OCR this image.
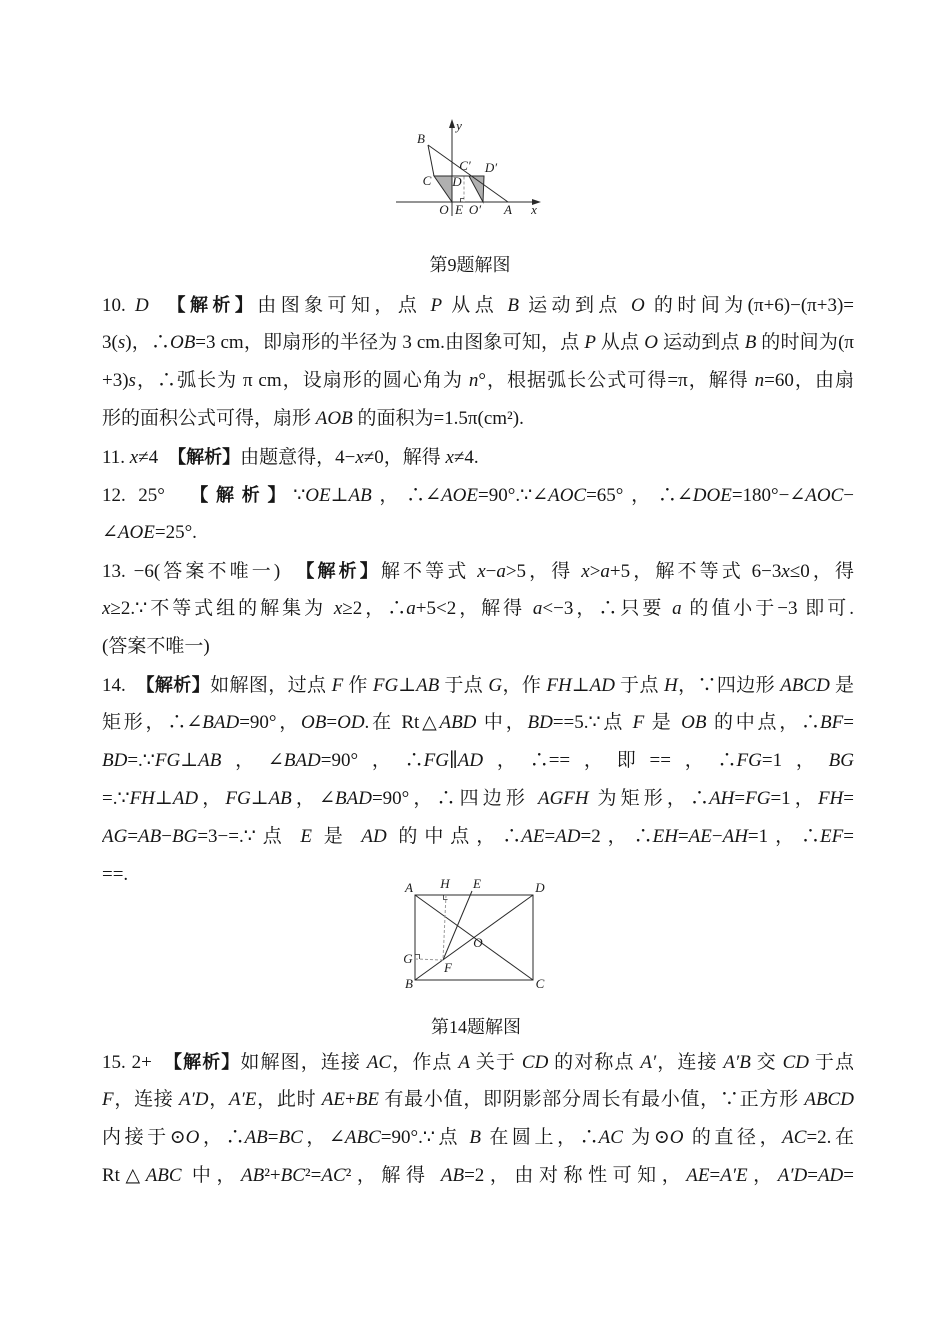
y
x
B
C D
C′ D′
O E O′ A
第9题解图
10. D　 【解析】由图象可知，点 P 从点 B 运动到点 O 的时间为(π+6)−(π+3)=
3(s)，∴OB=3 cm，即扇形的半径为 3 cm.由图象可知，点 P 从点 O 运动到点 B 的时间为(π
+3)s，∴弧长为 π cm，设扇形的圆心角为 n°，根据弧长公式可得=π，解得 n=60，由扇
形的面积公式可得，扇形 AOB 的面积为=1.5π(cm²).
11. x≠4　【解析】由题意得，4−x≠0，解得 x≠4.
12. 25°　【解析】∵OE⊥AB，∴∠AOE=90°.∵∠AOC=65°，∴∠DOE=180°−∠AOC−
∠AOE=25°.
13. −6(答案不唯一)　【解析】解不等式 x−a>5，得 x>a+5，解不等式 6−3x≤0，得
x≥2.∵不等式组的解集为 x≥2，∴a+5<2，解得 a<−3，∴只要 a 的值小于−3 即可.
(答案不唯一)
14.　【解析】如解图，过点 F 作 FG⊥AB 于点 G，作 FH⊥AD 于点 H，∵四边形 ABCD 是
矩形，∴∠BAD=90°，OB=OD.在 Rt△ABD 中，BD==5.∵点 F 是 OB 的中点，∴BF=
BD=.∵FG⊥AB，∠BAD=90°，∴FG∥AD，∴==，即==，∴FG=1，BG
=.∵FH⊥AD，FG⊥AB，∠BAD=90°，∴四边形 AGFH 为矩形，∴AH=FG=1，FH=
AG=AB−BG=3−=.∵点 E 是 AD 的中点，∴AE=AD=2，∴EH=AE−AH=1，∴EF=
==.
A H E	D
G
F
O
B	C
第14题解图
15. 2+　【解析】如解图，连接 AC，作点 A 关于 CD 的对称点 A′，连接 A′B 交 CD 于点
F，连接 A′D，A′E，此时 AE+BE 有最小值，即阴影部分周长有最小值，∵正方形 ABCD
内接于⊙O，∴AB=BC，∠ABC=90°.∵点 B 在圆上，∴AC 为⊙O 的直径，AC=2.在
Rt△ABC 中，AB²+BC²=AC²，解得 AB=2，由对称性可知，AE=A′E，A′D=AD=
